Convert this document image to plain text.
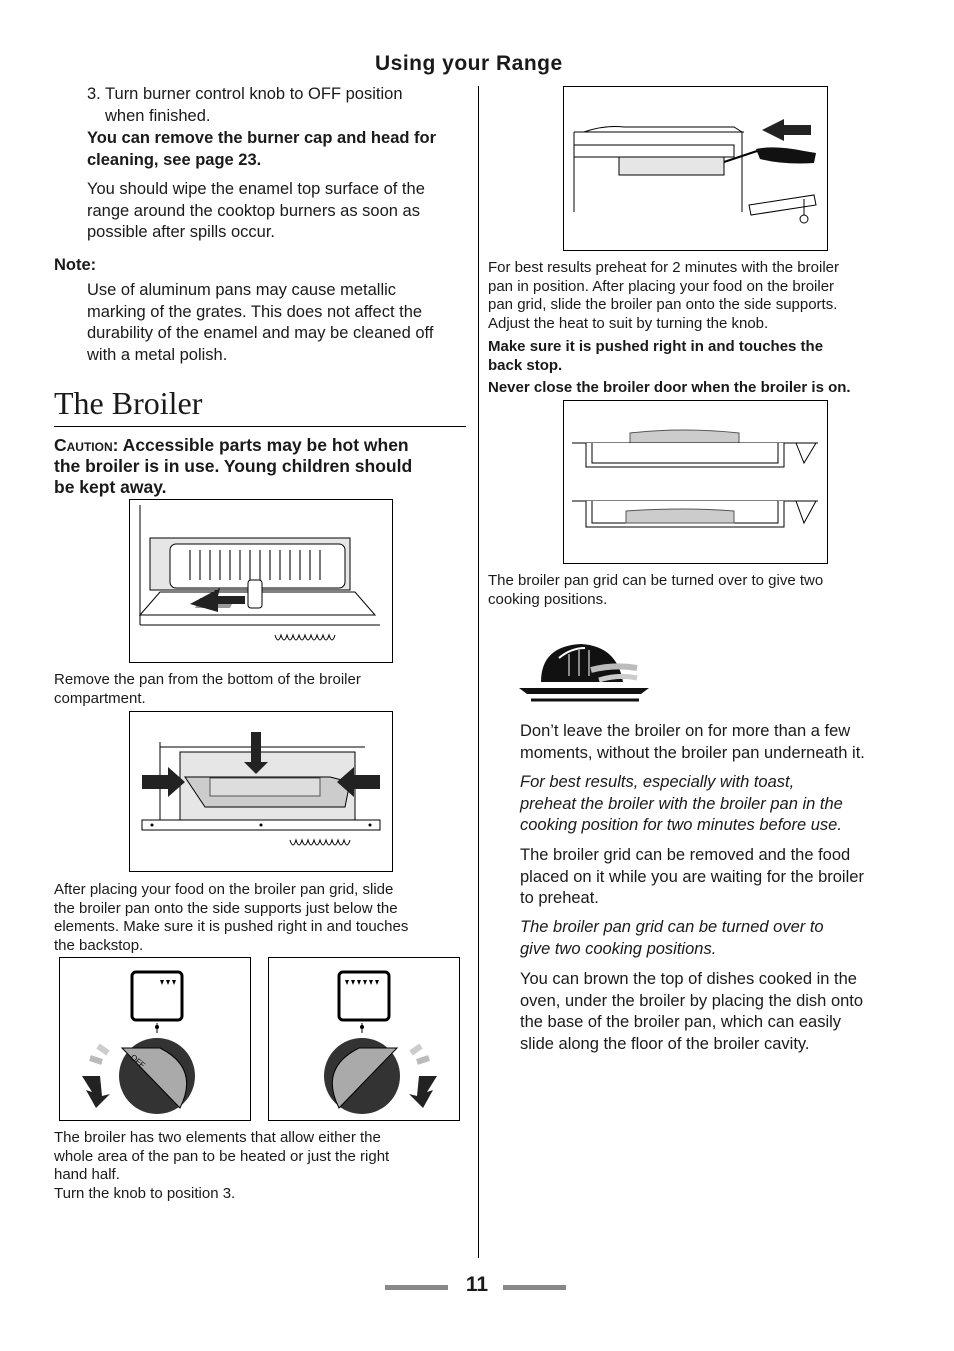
Using your Range
3. Turn burner control knob to OFF position
when finished.
You can remove the burner cap and head for
cleaning, see page 23.
You should wipe the enamel top surface of the
range around the cooktop burners as soon as
possible after spills occur.
Note:
Use of aluminum pans may cause metallic
marking of the grates. This does not affect the
durability of the enamel and may be cleaned off
with a metal polish.
The Broiler
Caution: Accessible parts may be hot when
the broiler is in use. Young children should
be kept away.
Remove the pan from the bottom of the broiler
compartment.
After placing your food on the broiler pan grid, slide
the broiler pan onto the side supports just below the
elements. Make sure it is pushed right in and touches
the backstop.
OFF
The broiler has two elements that allow either the
whole area of the pan to be heated or just the right
hand half.
Turn the knob to position 3.
For best results preheat for 2 minutes with the broiler
pan in position. After placing your food on the broiler
pan grid, slide the broiler pan onto the side supports.
Adjust the heat to suit by turning the knob.
Make sure it is pushed right in and touches the
back stop.
Never close the broiler door when the broiler is on.
The broiler pan grid can be turned over to give two
cooking positions.
Don’t leave the broiler on for more than a few
moments, without the broiler pan underneath it.
For best results, especially with toast,
preheat the broiler with the broiler pan in the
cooking position for two minutes before use.
The broiler grid can be removed and the food
placed on it while you are waiting for the broiler
to preheat.
The broiler pan grid can be turned over to
give two cooking positions.
You can brown the top of dishes cooked in the
oven, under the broiler by placing the dish onto
the base of the broiler pan, which can easily
slide along the floor of the broiler cavity.
11
